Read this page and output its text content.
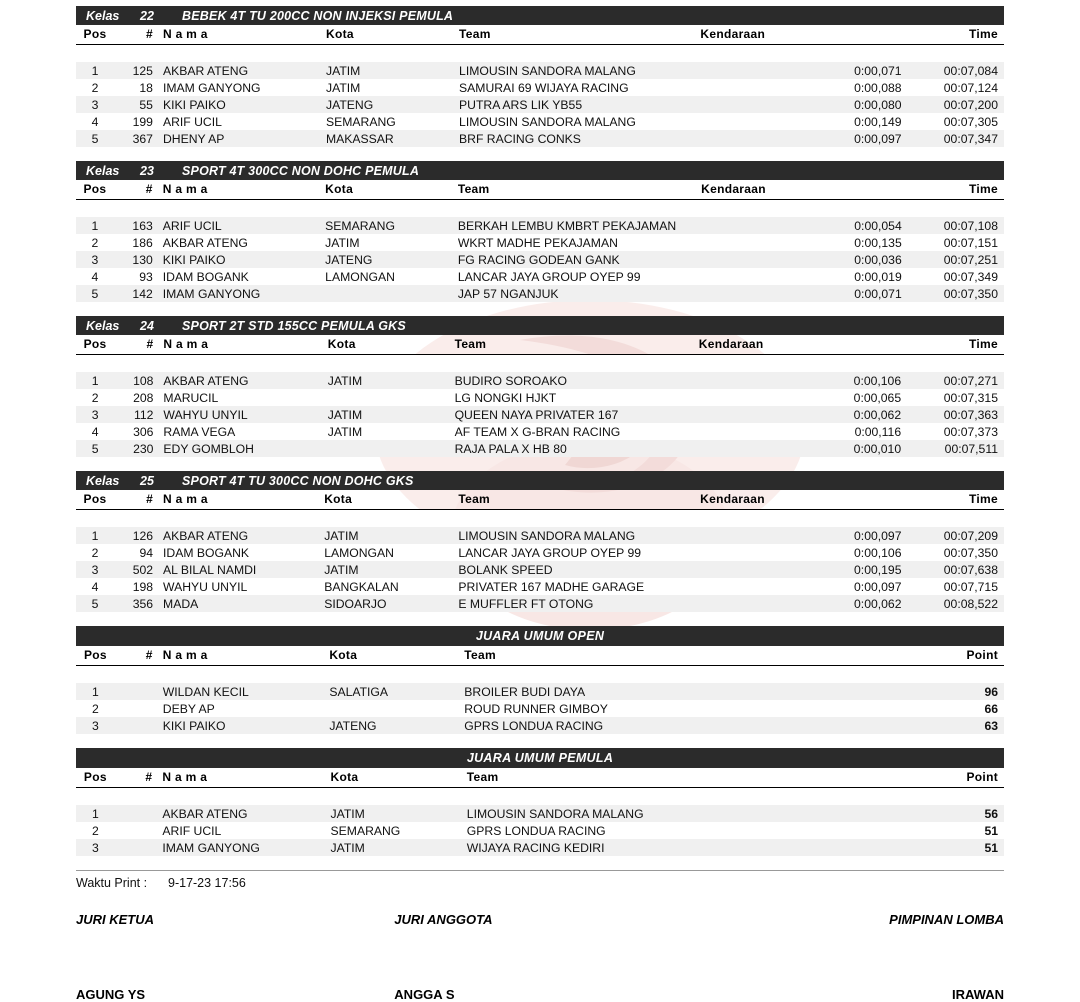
Kelas	22	BEBEK 4T TU 200CC NON INJEKSI PEMULA
Pos	#	N a m a	Kota	Team	Kendaraan		Time

1	125	AKBAR ATENG	JATIM	LIMOUSIN SANDORA MALANG		0:00,071	00:07,084
2	18	IMAM GANYONG	JATIM	SAMURAI 69 WIJAYA RACING		0:00,088	00:07,124
3	55	KIKI PAIKO	JATENG	PUTRA ARS LIK YB55		0:00,080	00:07,200
4	199	ARIF UCIL	SEMARANG	LIMOUSIN SANDORA MALANG		0:00,149	00:07,305
5	367	DHENY AP	MAKASSAR	BRF RACING CONKS		0:00,097	00:07,347
Kelas	23	SPORT 4T 300CC NON DOHC PEMULA
Pos	#	N a m a	Kota	Team	Kendaraan		Time

1	163	ARIF UCIL	SEMARANG	BERKAH LEMBU KMBRT PEKAJAMAN		0:00,054	00:07,108
2	186	AKBAR ATENG	JATIM	WKRT MADHE PEKAJAMAN		0:00,135	00:07,151
3	130	KIKI PAIKO	JATENG	FG RACING GODEAN GANK		0:00,036	00:07,251
4	93	IDAM BOGANK	LAMONGAN	LANCAR JAYA GROUP OYEP 99		0:00,019	00:07,349
5	142	IMAM GANYONG		JAP 57 NGANJUK		0:00,071	00:07,350
Kelas	24	SPORT 2T STD 155CC PEMULA GKS
Pos	#	N a m a	Kota	Team	Kendaraan		Time

1	108	AKBAR ATENG	JATIM	BUDIRO SOROAKO		0:00,106	00:07,271
2	208	MARUCIL		LG NONGKI HJKT		0:00,065	00:07,315
3	112	WAHYU UNYIL	JATIM	QUEEN NAYA PRIVATER 167		0:00,062	00:07,363
4	306	RAMA VEGA	JATIM	AF TEAM X G-BRAN RACING		0:00,116	00:07,373
5	230	EDY GOMBLOH		RAJA PALA X HB 80		0:00,010	00:07,511
Kelas	25	SPORT 4T TU 300CC NON DOHC GKS
Pos	#	N a m a	Kota	Team	Kendaraan		Time

1	126	AKBAR ATENG	JATIM	LIMOUSIN SANDORA MALANG		0:00,097	00:07,209
2	94	IDAM BOGANK	LAMONGAN	LANCAR JAYA GROUP OYEP 99		0:00,106	00:07,350
3	502	AL BILAL NAMDI	JATIM	BOLANK SPEED		0:00,195	00:07,638
4	198	WAHYU UNYIL	BANGKALAN	PRIVATER 167 MADHE GARAGE		0:00,097	00:07,715
5	356	MADA	SIDOARJO	E MUFFLER FT OTONG		0:00,062	00:08,522
JUARA UMUM OPEN
Pos	#	N a m a	Kota	Team			Point

1		WILDAN KECIL	SALATIGA	BROILER BUDI DAYA			96
2		DEBY AP		ROUD RUNNER GIMBOY			66
3		KIKI PAIKO	JATENG	GPRS LONDUA RACING			63
JUARA UMUM PEMULA
Pos	#	N a m a	Kota	Team			Point

1		AKBAR ATENG	JATIM	LIMOUSIN SANDORA MALANG			56
2		ARIF UCIL	SEMARANG	GPRS LONDUA RACING			51
3		IMAM GANYONG	JATIM	WIJAYA RACING KEDIRI			51
Waktu Print :	9-17-23 17:56
JURI KETUA	JURI ANGGOTA	PIMPINAN LOMBA
AGUNG YS	ANGGA S	IRAWAN
